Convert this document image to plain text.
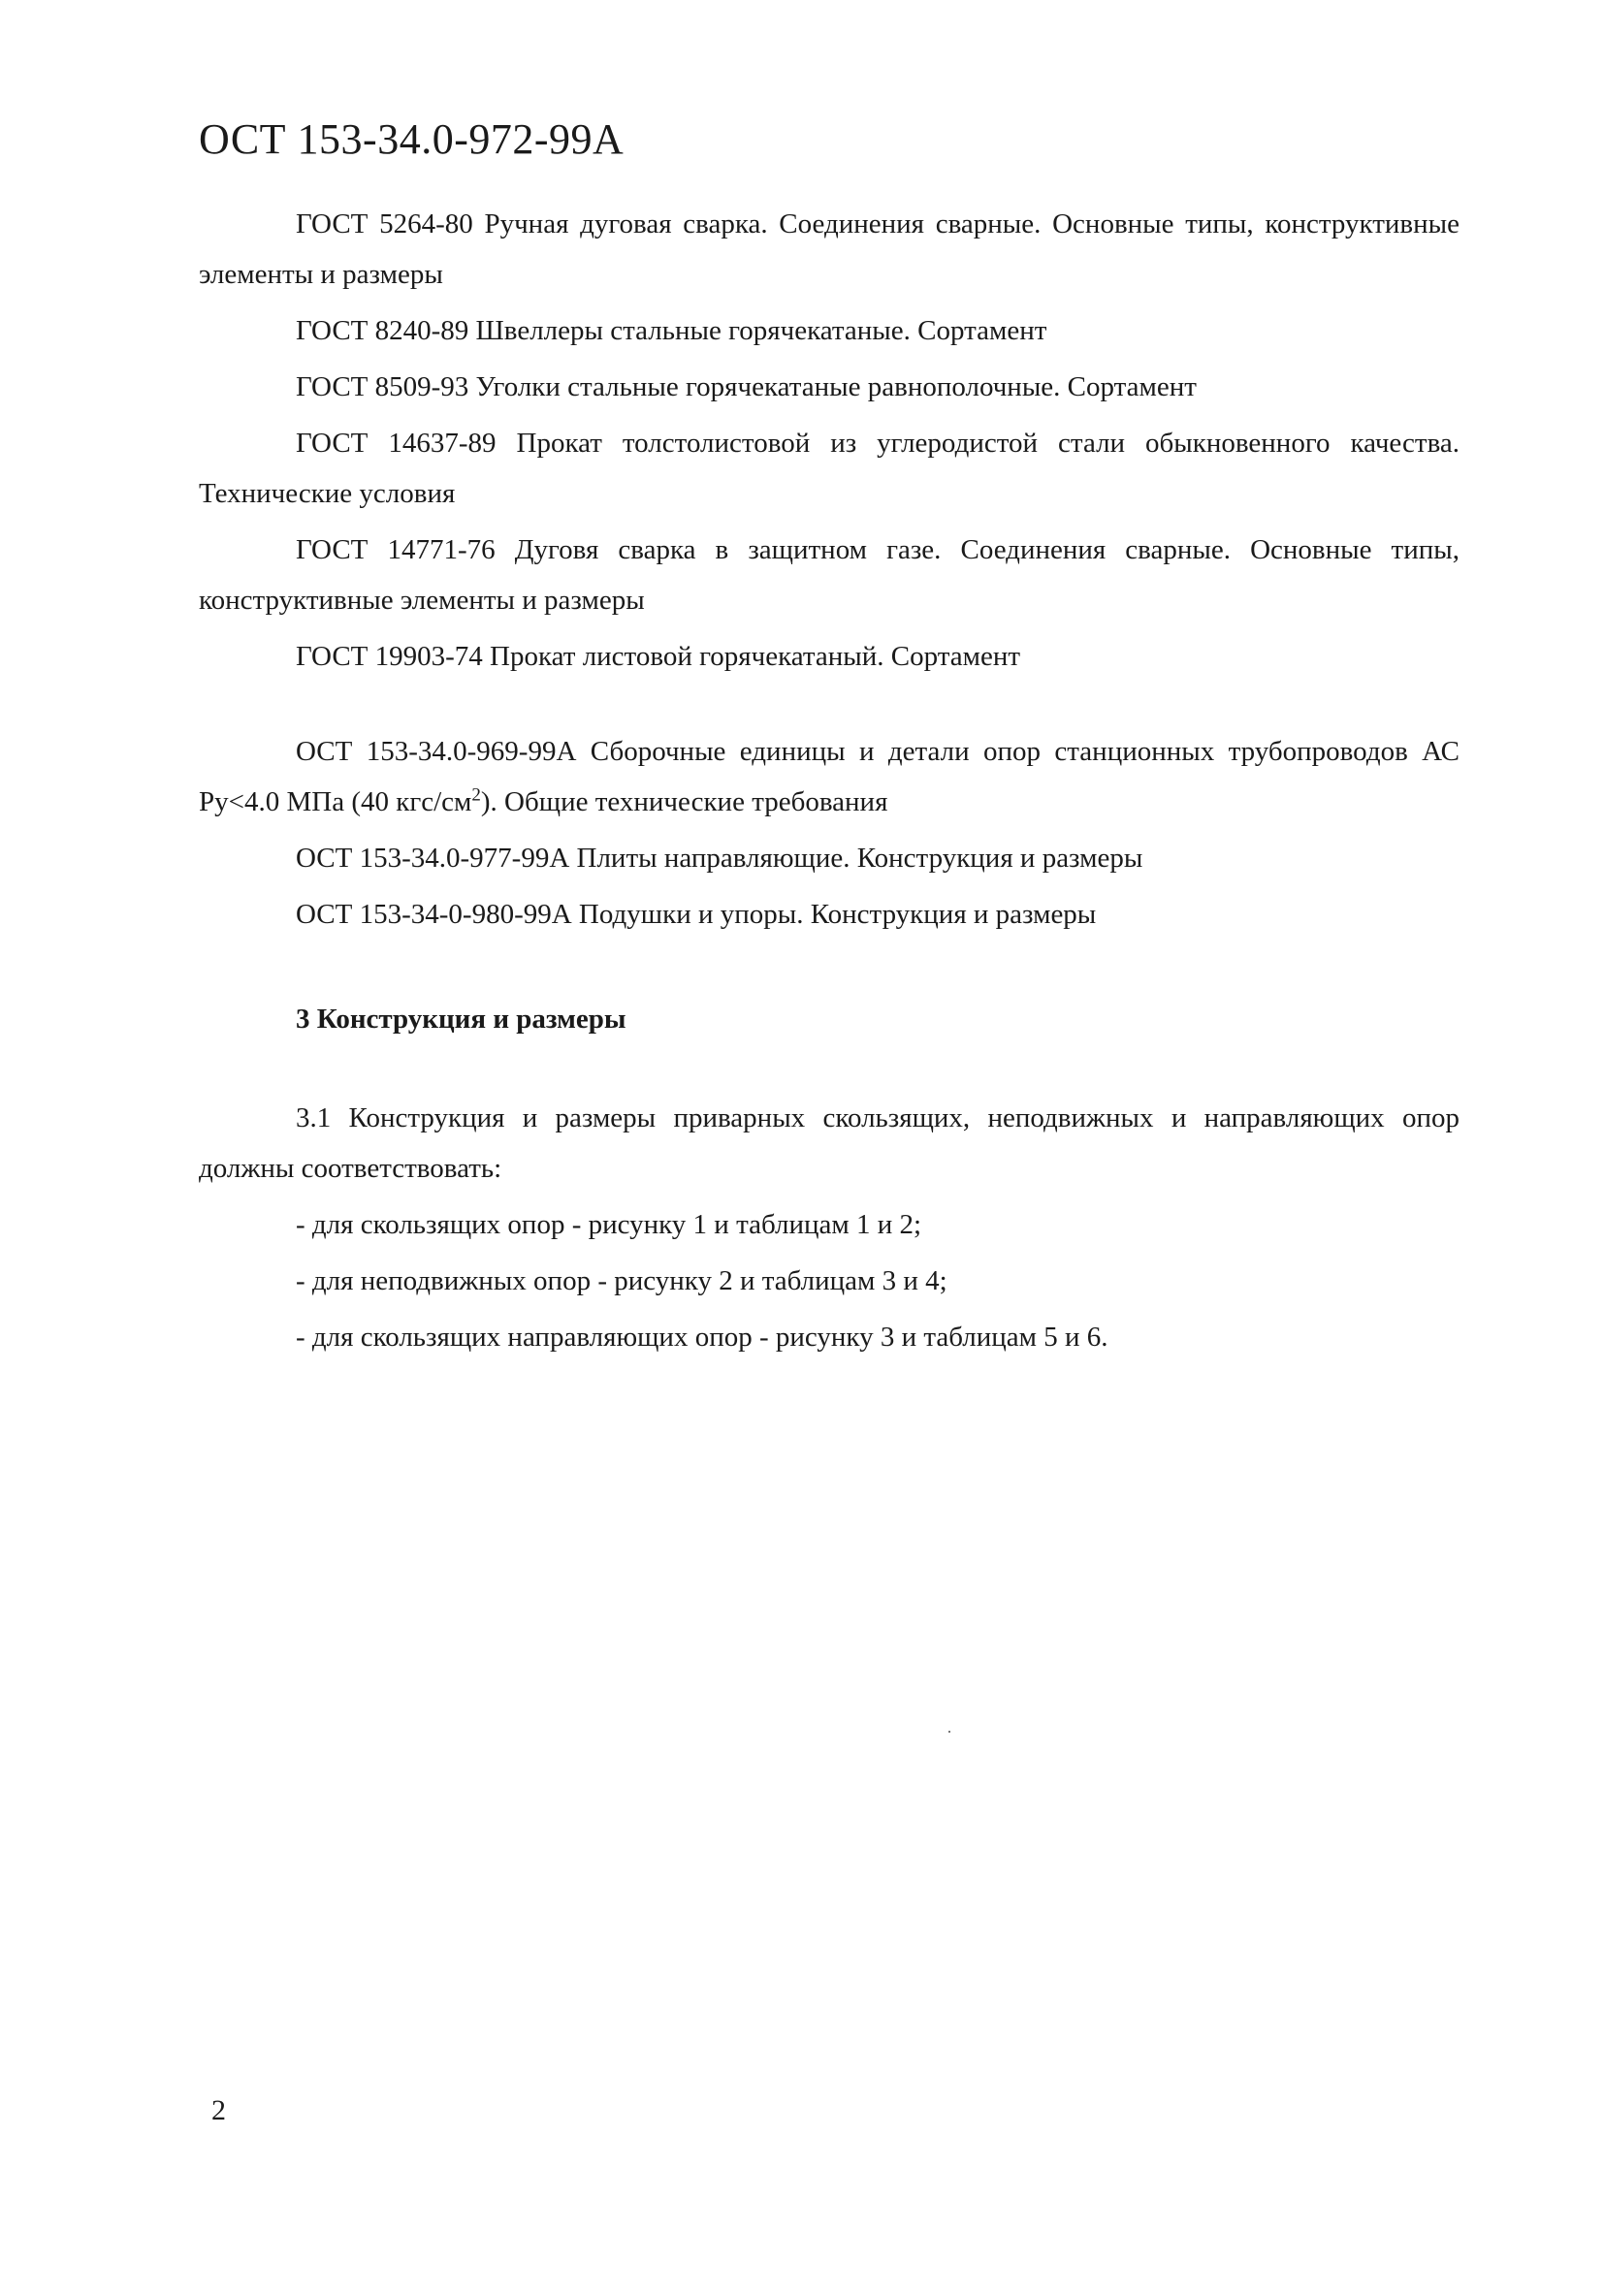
ОСТ 153-34.0-972-99А

ГОСТ 5264-80 Ручная дуговая сварка. Соединения сварные. Основные типы, конструктивные элементы и размеры

ГОСТ 8240-89 Швеллеры стальные горячекатаные. Сортамент

ГОСТ 8509-93 Уголки стальные горячекатаные равнополочные. Сортамент

ГОСТ 14637-89 Прокат толстолистовой из углеродистой стали обыкновенного качества. Технические условия

ГОСТ 14771-76 Дуговя сварка в защитном газе. Соединения сварные. Основные типы, конструктивные элементы и размеры

ГОСТ 19903-74 Прокат листовой горячекатаный. Сортамент

ОСТ 153-34.0-969-99А Сборочные единицы и детали опор станционных трубопроводов АС Ру<4.0 МПа (40 кгс/$см^2$). Общие технические требования

ОСТ 153-34.0-977-99А Плиты направляющие. Конструкция и размеры

ОСТ 153-34-0-980-99А Подушки и упоры. Конструкция и размеры

3 Конструкция и размеры

3.1 Конструкция и размеры приварных скользящих, неподвижных и направляющих опор должны соответствовать:

- для скользящих опор - рисунку 1 и таблицам 1 и 2;

- для неподвижных опор - рисунку 2 и таблицам 3 и 4;

- для скользящих направляющих опор - рисунку 3 и таблицам 5 и 6.

2
